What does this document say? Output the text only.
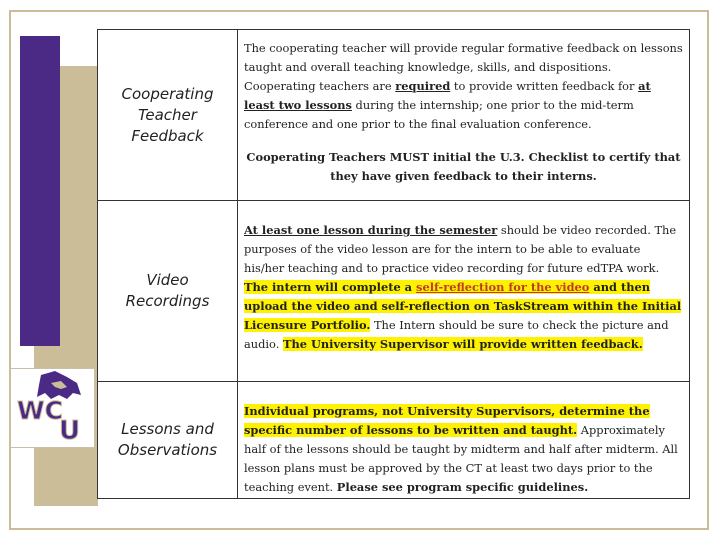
WC
U
Cooperating
Teacher
Feedback
The cooperating teacher will provide regular formative feedback on lessons taught and overall teaching knowledge, skills, and dispositions. Cooperating teachers are required to provide written feedback for at least two lessons during the internship; one prior to the mid-term conference and one prior to the final evaluation conference.
Cooperating Teachers MUST initial the U.3. Checklist to certify that they have given feedback to their interns.
Video
Recordings
At least one lesson during the semester should be video recorded. The purposes of the video lesson are for the intern to be able to evaluate his/her teaching and to practice video recording for future edTPA work. The intern will complete a self-reflection for the video and then upload the video and self-reflection on TaskStream within the Initial Licensure Portfolio. The Intern should be sure to check the picture and audio. The University Supervisor will provide written feedback.
Lessons and
Observations
Individual programs, not University Supervisors, determine the specific number of lessons to be written and taught. Approximately half of the lessons should be taught by midterm and half after midterm. All lesson plans must be approved by the CT at least two days prior to the teaching event. Please see program specific guidelines.
